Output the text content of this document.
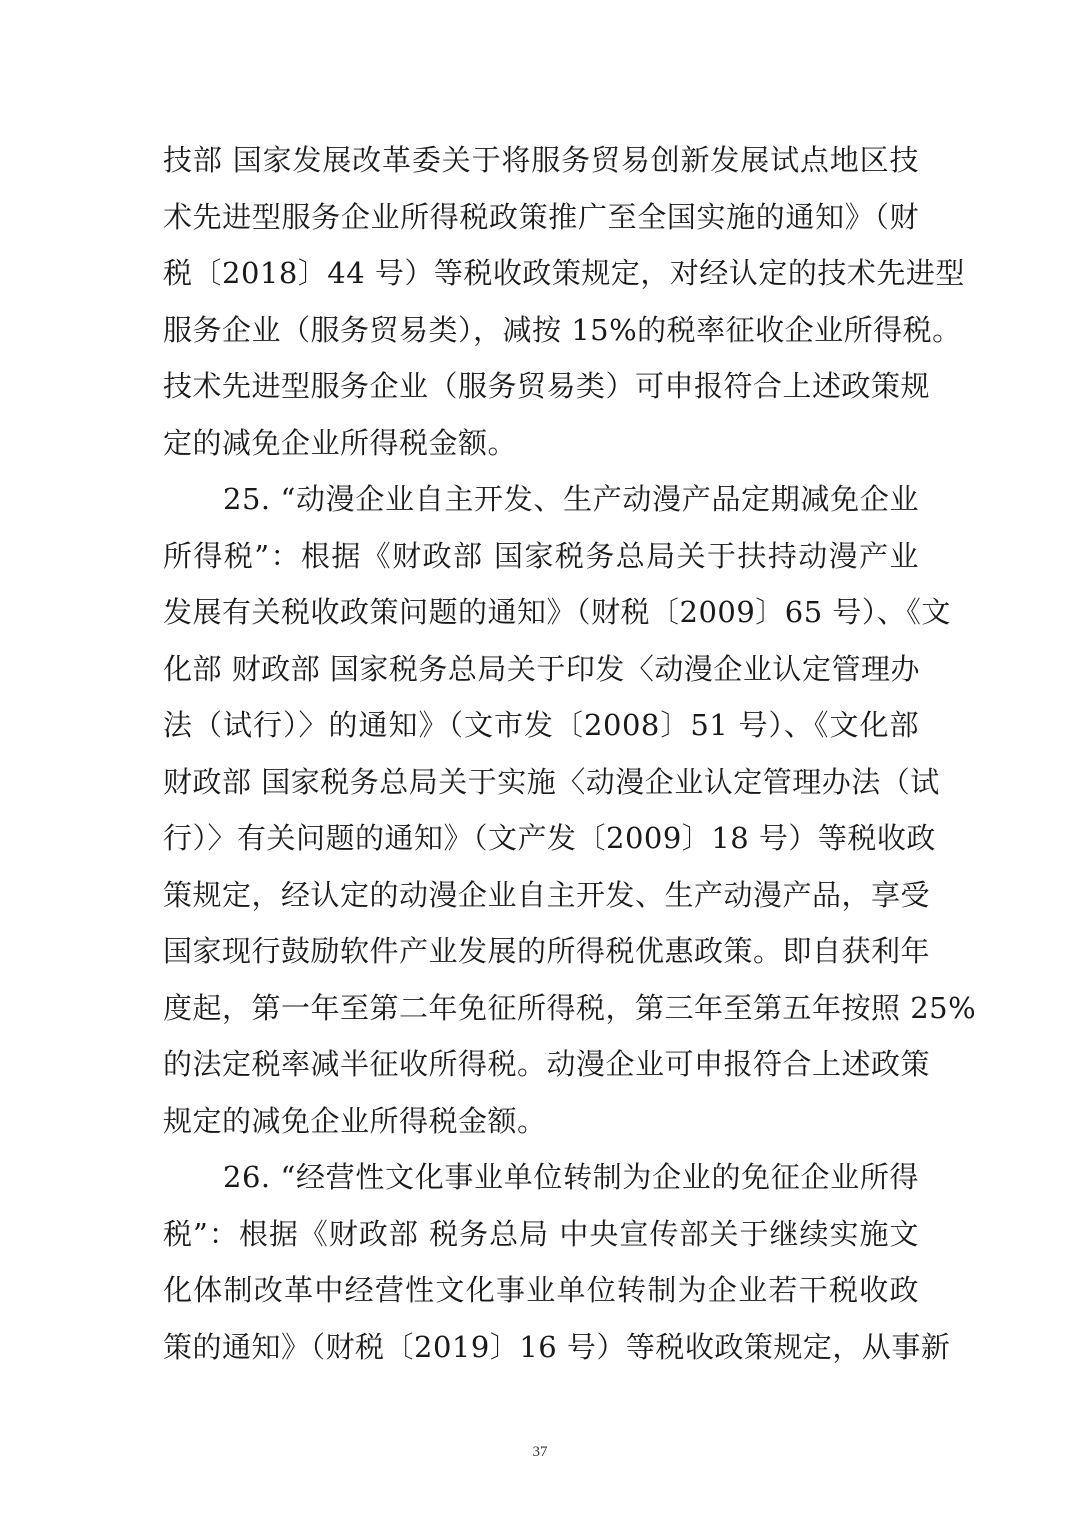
技部 国家发展改革委关于将服务贸易创新发展试点地区技
术先进型服务企业所得税政策推广至全国实施的通知》（财
税〔2018〕44 号）等税收政策规定，对经认定的技术先进型
服务企业（服务贸易类），减按 15%的税率征收企业所得税。
技术先进型服务企业（服务贸易类）可申报符合上述政策规
定的减免企业所得税金额。
25. “动漫企业自主开发、生产动漫产品定期减免企业
所得税”：根据《财政部 国家税务总局关于扶持动漫产业
发展有关税收政策问题的通知》（财税〔2009〕65 号）、《文
化部 财政部 国家税务总局关于印发〈动漫企业认定管理办
法（试行）〉的通知》（文市发〔2008〕51 号）、《文化部
财政部 国家税务总局关于实施〈动漫企业认定管理办法（试
行）〉有关问题的通知》（文产发〔2009〕18 号）等税收政
策规定，经认定的动漫企业自主开发、生产动漫产品，享受
国家现行鼓励软件产业发展的所得税优惠政策。即自获利年
度起，第一年至第二年免征所得税，第三年至第五年按照 25%
的法定税率减半征收所得税。动漫企业可申报符合上述政策
规定的减免企业所得税金额。
26. “经营性文化事业单位转制为企业的免征企业所得
税”：根据《财政部 税务总局 中央宣传部关于继续实施文
化体制改革中经营性文化事业单位转制为企业若干税收政
策的通知》（财税〔2019〕16 号）等税收政策规定，从事新
37
